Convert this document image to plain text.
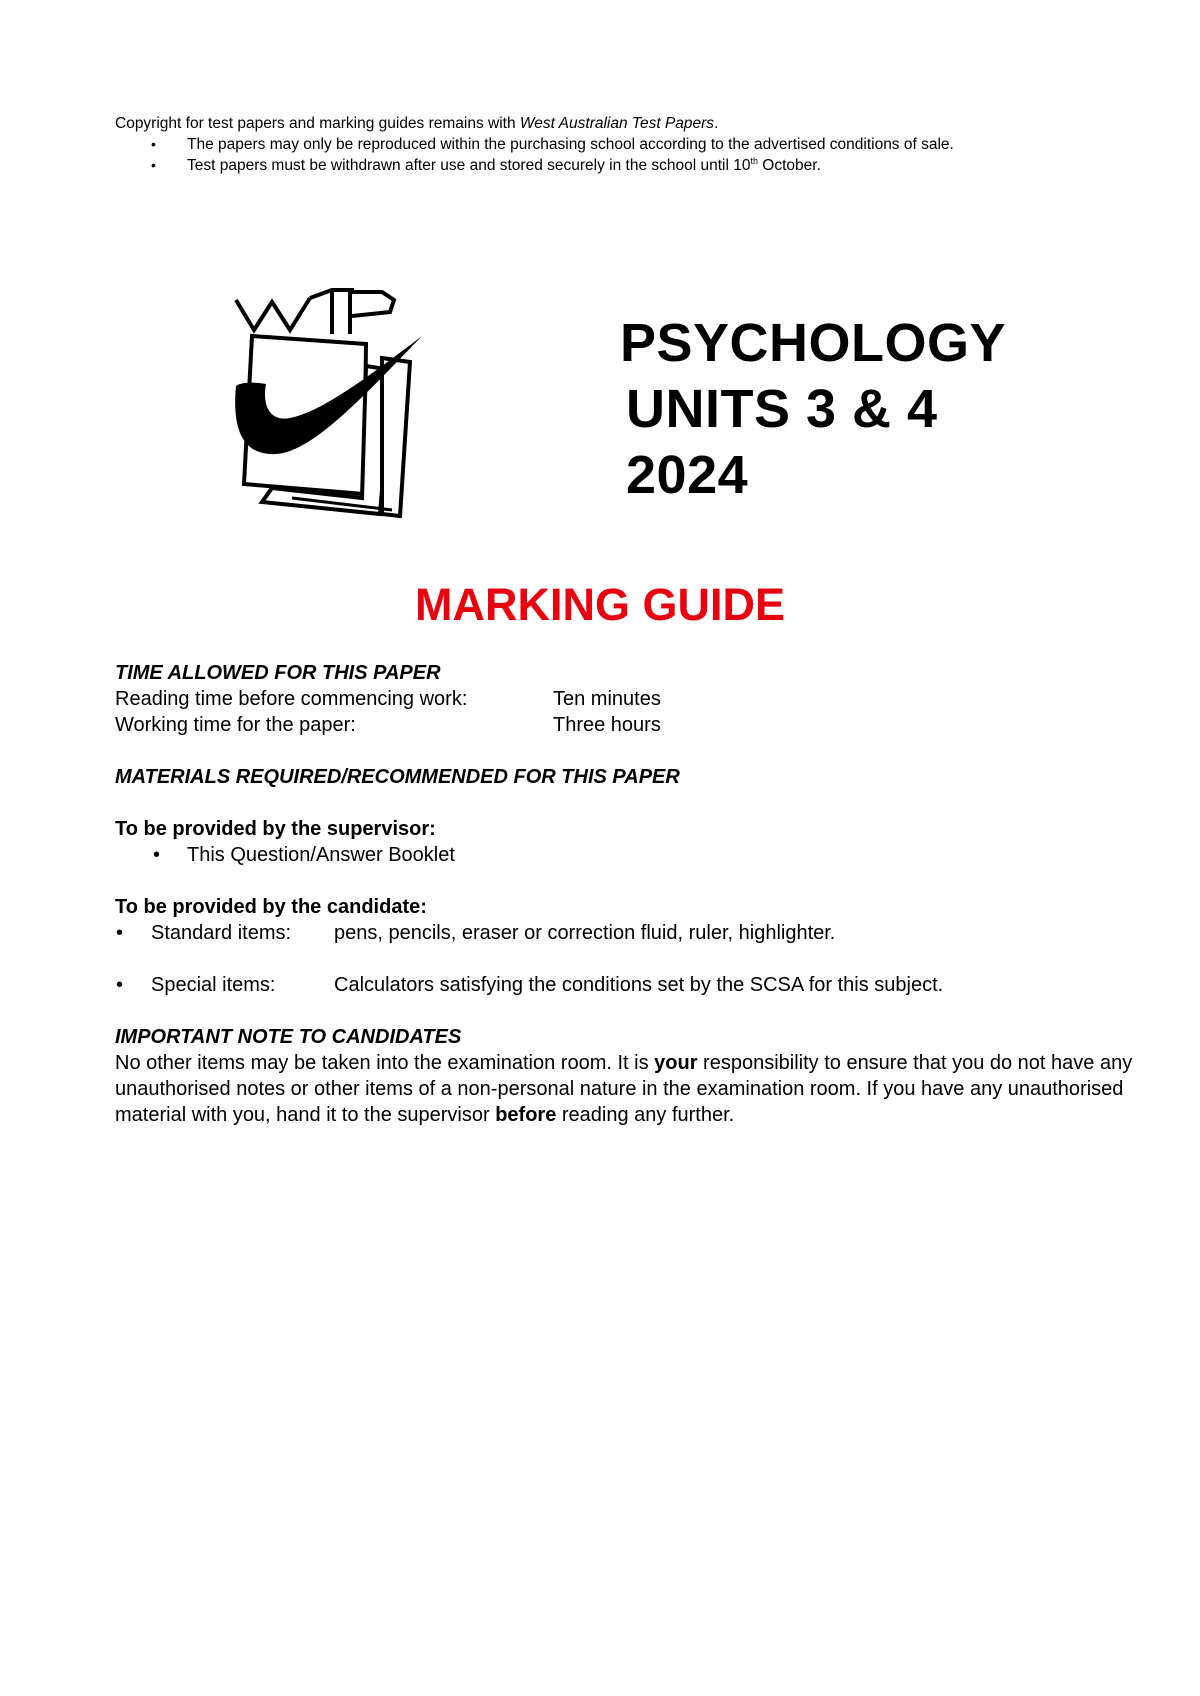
Copyright for test papers and marking guides remains with West Australian Test Papers.
• The papers may only be reproduced within the purchasing school according to the advertised conditions of sale.
• Test papers must be withdrawn after use and stored securely in the school until 10th October.
PSYCHOLOGY
UNITS 3 & 4
2024
MARKING GUIDE
TIME ALLOWED FOR THIS PAPER
Reading time before commencing work:	Ten minutes
Working time for the paper:	Three hours
MATERIALS REQUIRED/RECOMMENDED FOR THIS PAPER
To be provided by the supervisor:
• This Question/Answer Booklet
To be provided by the candidate:
• Standard items:	pens, pencils, eraser or correction fluid, ruler, highlighter.
• Special items:	Calculators satisfying the conditions set by the SCSA for this subject.
IMPORTANT NOTE TO CANDIDATES
No other items may be taken into the examination room. It is your responsibility to ensure that you do not have any unauthorised notes or other items of a non-personal nature in the examination room. If you have any unauthorised material with you, hand it to the supervisor before reading any further.
